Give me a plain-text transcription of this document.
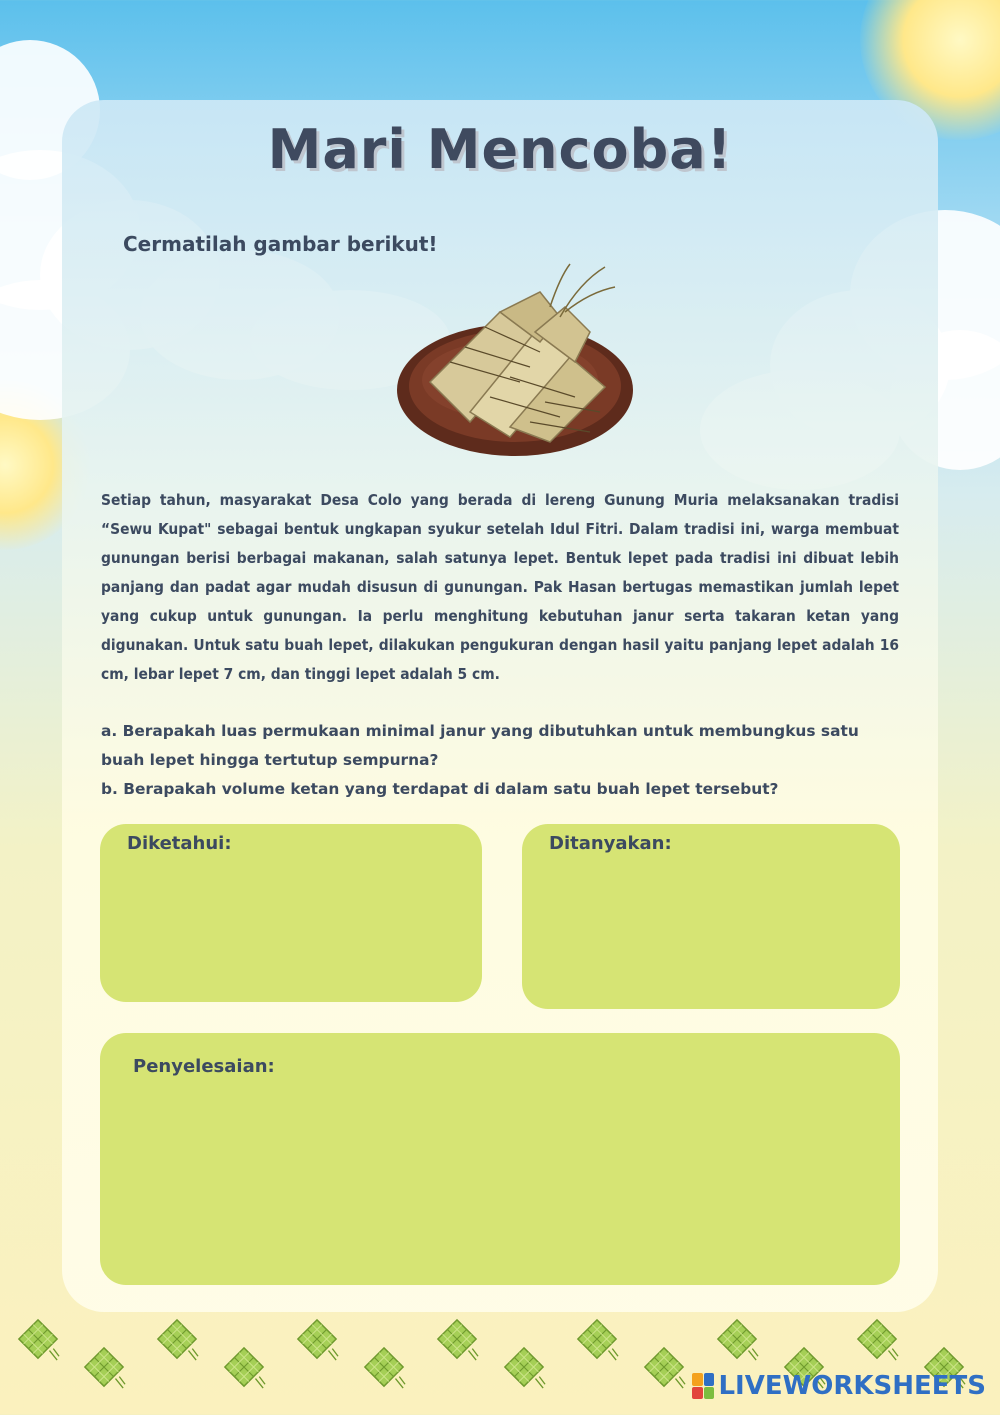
Mari Mencoba!

Cermatilah gambar berikut!

Setiap tahun, masyarakat Desa Colo yang berada di lereng Gunung Muria melaksanakan tradisi “Sewu Kupat" sebagai bentuk ungkapan syukur setelah Idul Fitri. Dalam tradisi ini, warga membuat gunungan berisi berbagai makanan, salah satunya lepet. Bentuk lepet pada tradisi ini dibuat lebih panjang dan padat agar mudah disusun di gunungan. Pak Hasan bertugas memastikan jumlah lepet yang cukup untuk gunungan. Ia perlu menghitung kebutuhan janur serta takaran ketan yang digunakan. Untuk satu buah lepet, dilakukan pengukuran dengan hasil yaitu panjang lepet adalah 16 cm, lebar lepet 7 cm, dan tinggi lepet adalah 5 cm.

a. Berapakah luas permukaan minimal janur yang dibutuhkan untuk membungkus satu buah lepet hingga tertutup sempurna?

b. Berapakah volume ketan yang terdapat di dalam satu buah lepet tersebut?

Diketahui:	Ditanyakan:

Penyelesaian:

LIVEWORKSHEETS
